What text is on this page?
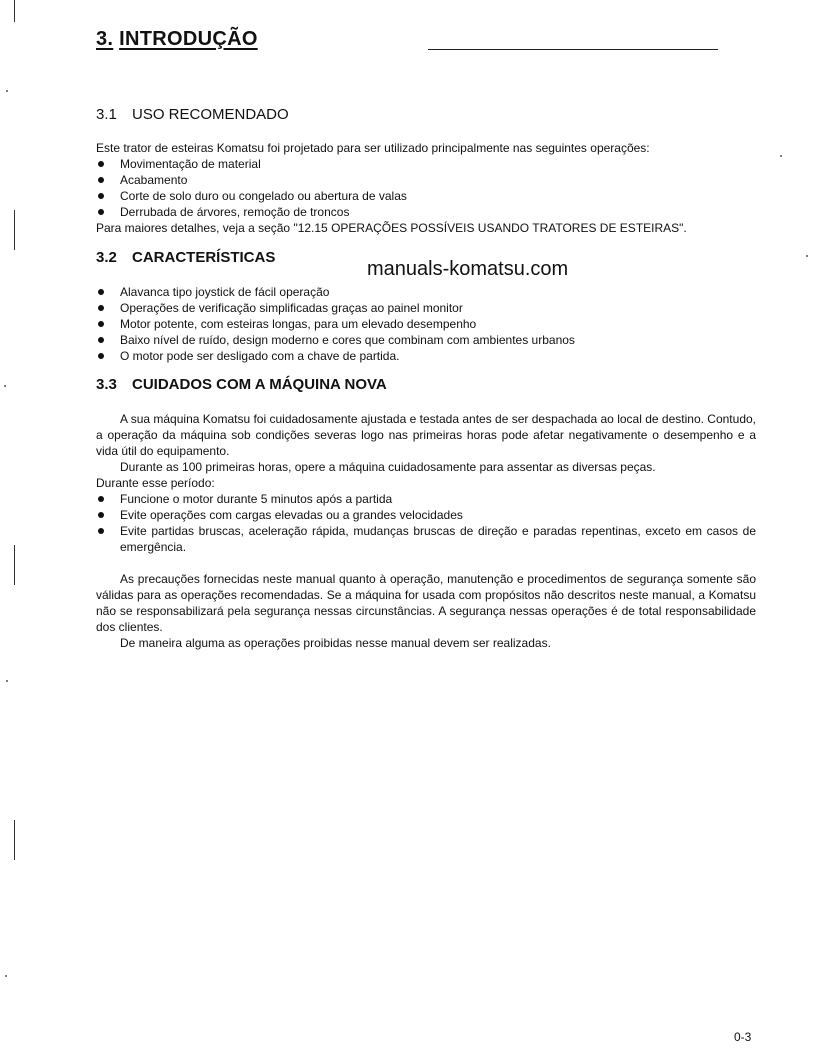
3. INTRODUÇÃO
3.1 USO RECOMENDADO
Este trator de esteiras Komatsu foi projetado para ser utilizado principalmente nas seguintes operações:
Movimentação de material
Acabamento
Corte de solo duro ou congelado ou abertura de valas
Derrubada de árvores, remoção de troncos
Para maiores detalhes, veja a seção "12.15 OPERAÇÕES POSSÍVEIS USANDO TRATORES DE ESTEIRAS".
3.2 CARACTERÍSTICAS
manuals-komatsu.com
Alavanca tipo joystick de fácil operação
Operações de verificação simplificadas graças ao painel monitor
Motor potente, com esteiras longas, para um elevado desempenho
Baixo nível de ruído, design moderno e cores que combinam com ambientes urbanos
O motor pode ser desligado com a chave de partida.
3.3 CUIDADOS COM A MÁQUINA NOVA
A sua máquina Komatsu foi cuidadosamente ajustada e testada antes de ser despachada ao local de destino. Contudo, a operação da máquina sob condições severas logo nas primeiras horas pode afetar negativamente o desempenho e a vida útil do equipamento.
Durante as 100 primeiras horas, opere a máquina cuidadosamente para assentar as diversas peças.
Durante esse período:
Funcione o motor durante 5 minutos após a partida
Evite operações com cargas elevadas ou a grandes velocidades
Evite partidas bruscas, aceleração rápida, mudanças bruscas de direção e paradas repentinas, exceto em casos de emergência.
As precauções fornecidas neste manual quanto à operação, manutenção e procedimentos de segurança somente são válidas para as operações recomendadas. Se a máquina for usada com propósitos não descritos neste manual, a Komatsu não se responsabilizará pela segurança nessas circunstâncias. A segurança nessas operações é de total responsabilidade dos clientes.
De maneira alguma as operações proibidas nesse manual devem ser realizadas.
0-3
